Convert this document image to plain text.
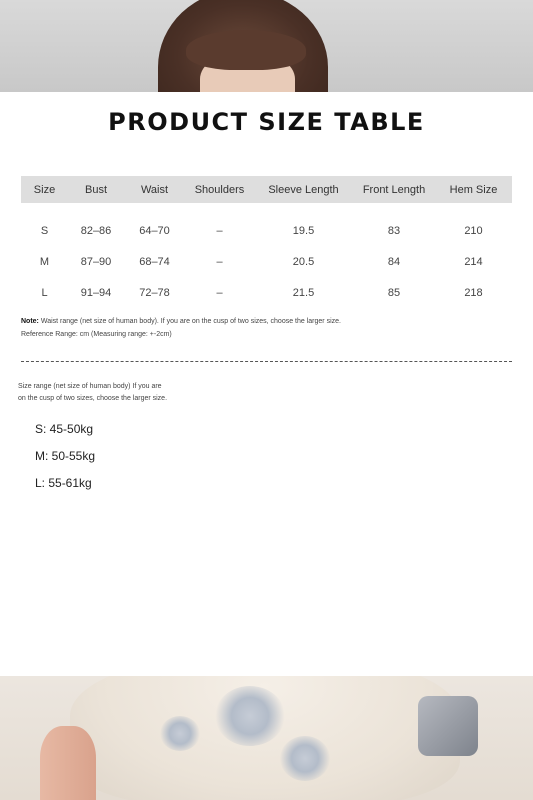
PRODUCT SIZE TABLE
Size	Bust	Waist	Shoulders	Sleeve Length	Front Length	Hem Size
S	82–86	64–70	–	19.5	83	210
M	87–90	68–74	–	20.5	84	214
L	91–94	72–78	–	21.5	85	218
Note: Waist range (net size of human body). If you are on the cusp of two sizes, choose the larger size.
Reference Range: cm (Measuring range: +-2cm)
Size range (net size of human body) If you are
on the cusp of two sizes, choose the larger size.
S: 45-50kg
M: 50-55kg
L: 55-61kg
